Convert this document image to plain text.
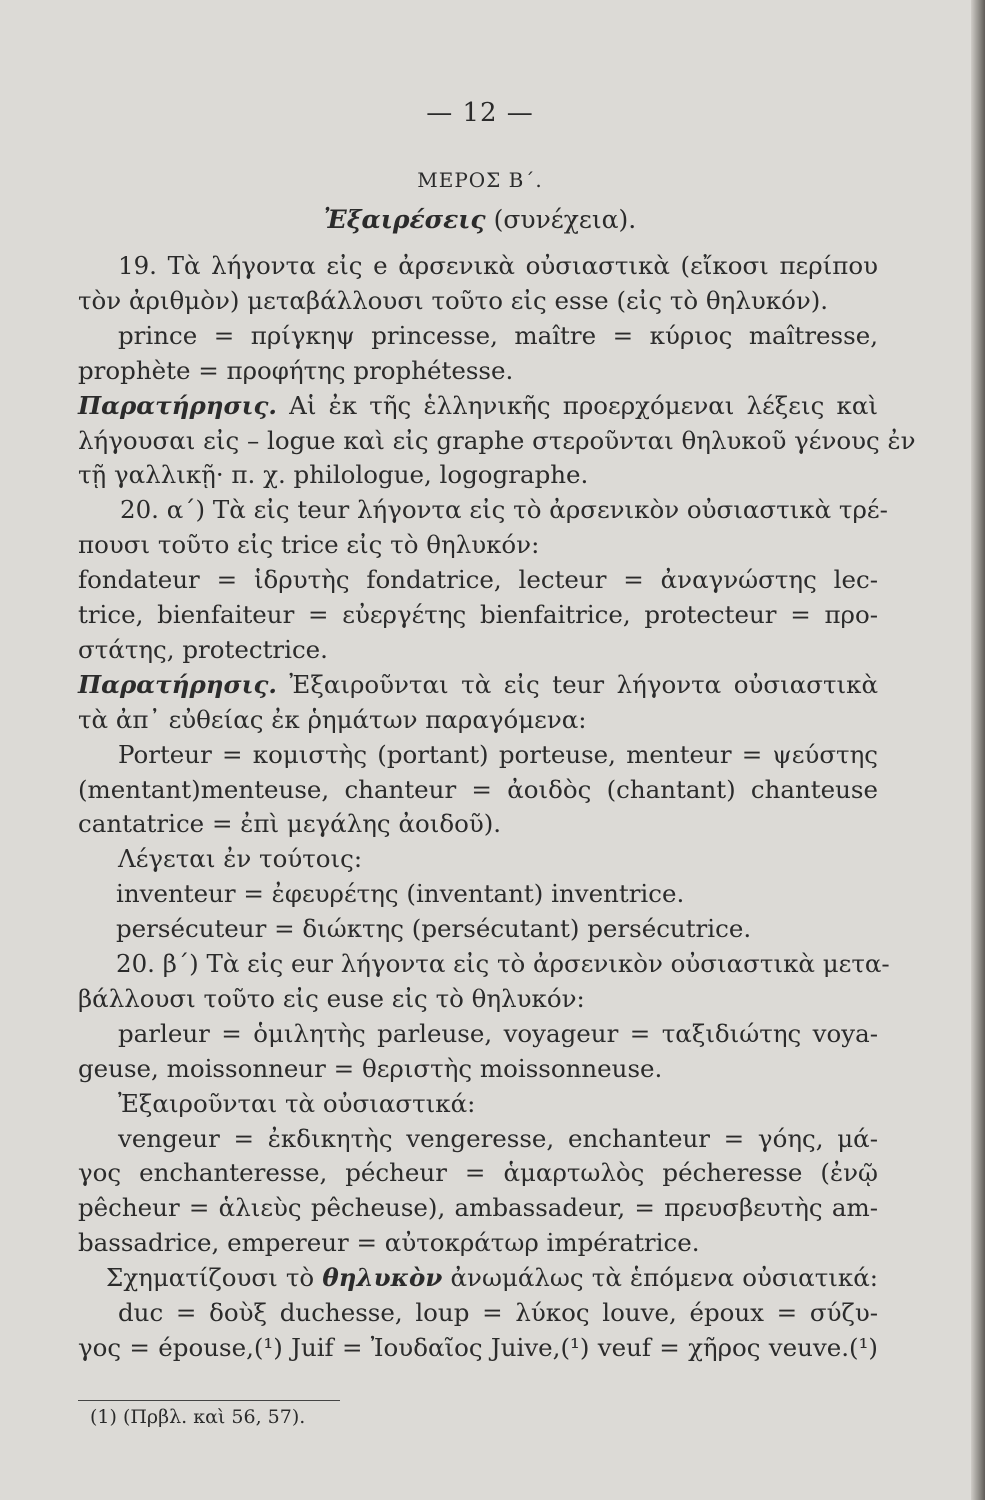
— 12 —
ΜΕΡΟΣ Β΄.
Ἐξαιρέσεις (συνέχεια).
19. Τὰ λήγοντα εἰς e ἀρσενικὰ οὐσιαστικὰ (εἴκοσι περίπου
τὸν ἀριθμὸν) μεταβάλλουσι τοῦτο εἰς esse (εἰς τὸ θηλυκόν).
prince = πρίγκηψ princesse, maître = κύριος maîtresse,
prophète = προφήτης prophétesse.
Παρατήρησις. Αἱ ἐκ τῆς ἑλληνικῆς προερχόμεναι λέξεις καὶ
λήγουσαι εἰς – logue καὶ εἰς graphe στεροῦνται θηλυκοῦ γένους ἐν
τῇ γαλλικῇ· π. χ. philologue, logographe.
20. α΄) Τὰ εἰς teur λήγοντα εἰς τὸ ἀρσενικὸν οὐσιαστικὰ τρέ-
πουσι τοῦτο εἰς trice εἰς τὸ θηλυκόν:
fondateur = ἱδρυτὴς fondatrice, lecteur = ἀναγνώστης lec-
trice, bienfaiteur = εὐεργέτης bienfaitrice, protecteur = προ-
στάτης, protectrice.
Παρατήρησις. Ἐξαιροῦνται τὰ εἰς teur λήγοντα οὐσιαστικὰ
τὰ ἀπ᾿ εὐθείας ἐκ ῥημάτων παραγόμενα:
Porteur = κομιστὴς (portant) porteuse, menteur = ψεύστης
(mentant)menteuse, chanteur = ἀοιδὸς (chantant) chanteuse
cantatrice = ἐπὶ μεγάλης ἀοιδοῦ).
Λέγεται ἐν τούτοις:
inventeur = ἐφευρέτης (inventant) inventrice.
persécuteur = διώκτης (persécutant) persécutrice.
20. β΄) Τὰ εἰς eur λήγοντα εἰς τὸ ἀρσενικὸν οὐσιαστικὰ μετα-
βάλλουσι τοῦτο εἰς euse εἰς τὸ θηλυκόν:
parleur = ὁμιλητὴς parleuse, voyageur = ταξιδιώτης voya-
geuse, moissonneur = θεριστὴς moissonneuse.
Ἐξαιροῦνται τὰ οὐσιαστικά:
vengeur = ἐκδικητὴς vengeresse, enchanteur = γόης, μά-
γος enchanteresse, pécheur = ἁμαρτωλὸς pécheresse (ἐνῷ
pêcheur = ἁλιεὺς pêcheuse), ambassadeur, = πρευσβευτὴς am-
bassadrice, empereur = αὐτοκράτωρ impératrice.
Σχηματίζουσι τὸ θηλυκὸν ἀνωμάλως τὰ ἑπόμενα οὐσιατικά:
duc = δοὺξ duchesse, loup = λύκος louve, époux = σύζυ-
γος = épouse,(¹) Juif = Ἰουδαῖος Juive,(¹) veuf = χῆρος veuve.(¹)
(1) (Πρβλ. καὶ 56, 57).
